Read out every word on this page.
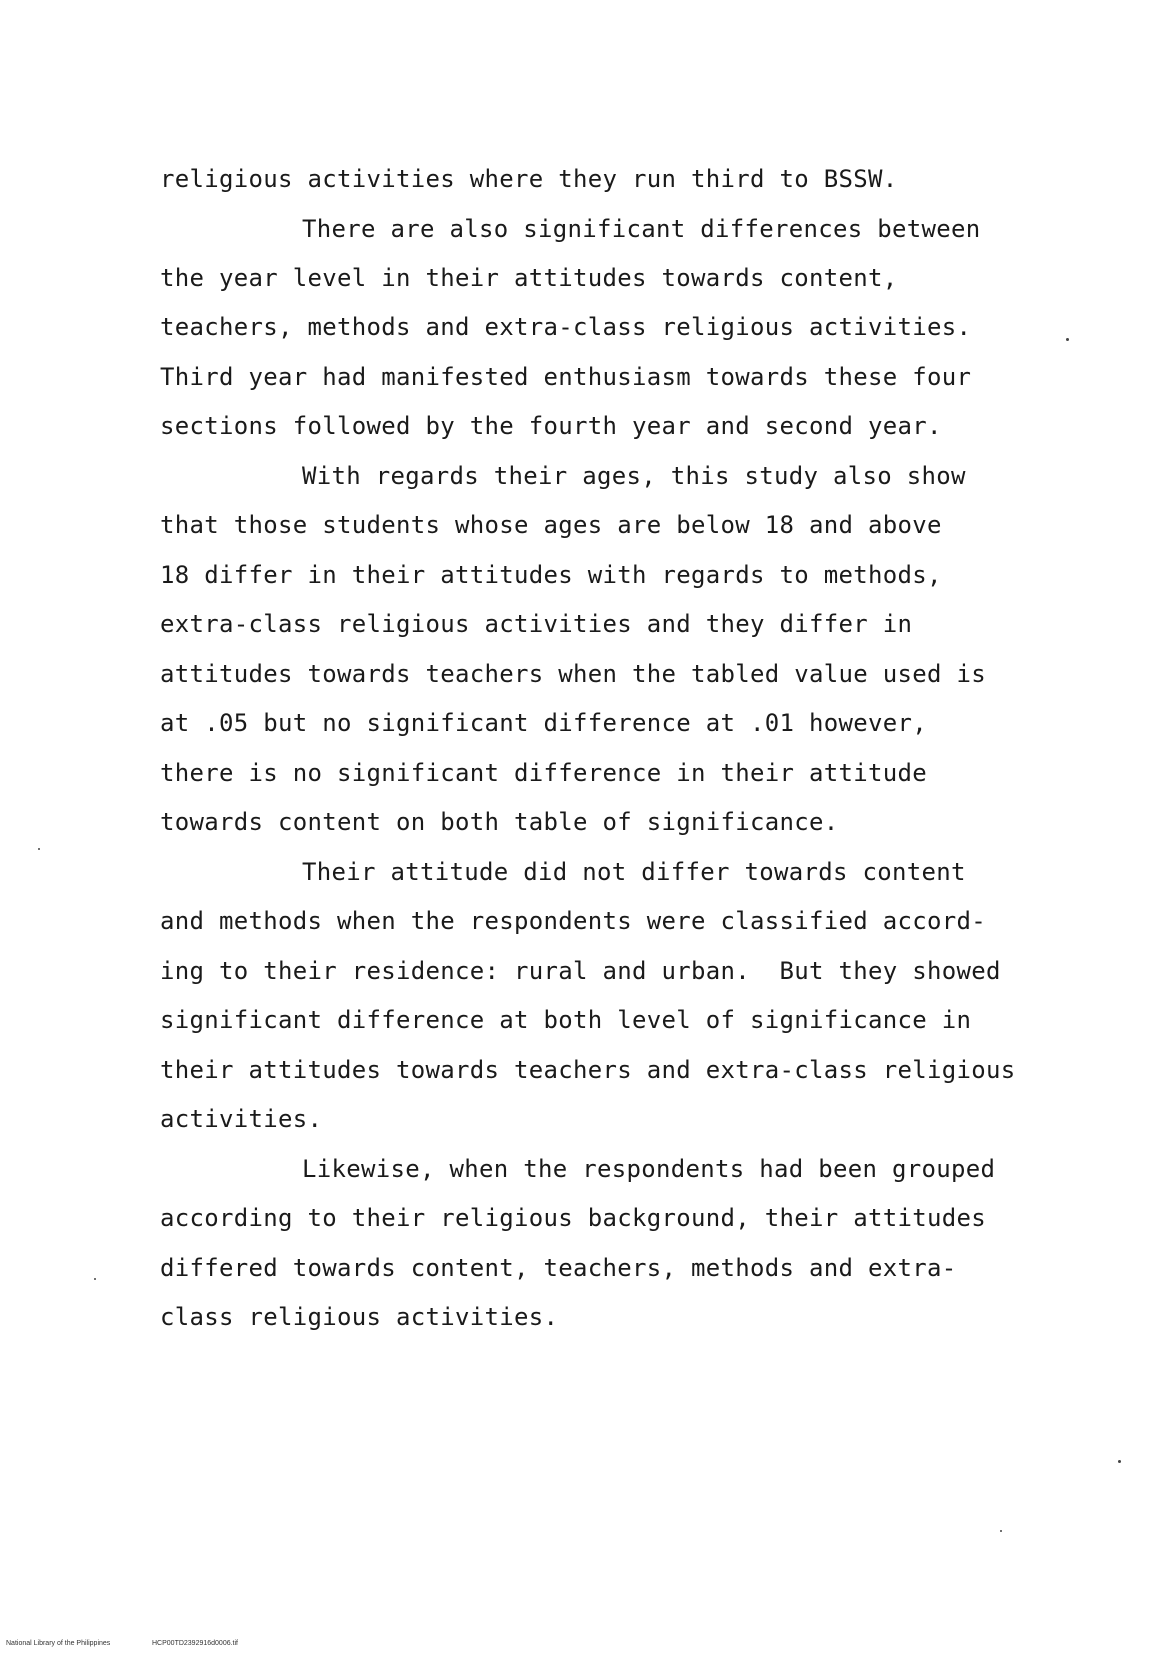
religious activities where they run third to BSSW.
There are also significant differences between
the year level in their attitudes towards content,
teachers, methods and extra-class religious activities.
Third year had manifested enthusiasm towards these four
sections followed by the fourth year and second year.
With regards their ages, this study also show
that those students whose ages are below 18 and above
18 differ in their attitudes with regards to methods,
extra-class religious activities and they differ in
attitudes towards teachers when the tabled value used is
at .05 but no significant difference at .01 however,
there is no significant difference in their attitude
towards content on both table of significance.
Their attitude did not differ towards content
and methods when the respondents were classified accord-
ing to their residence: rural and urban.  But they showed
significant difference at both level of significance in
their attitudes towards teachers and extra-class religious
activities.
Likewise, when the respondents had been grouped
according to their religious background, their attitudes
differed towards content, teachers, methods and extra-
class religious activities.
National Library of the Philippines	HCP00TD2392916d0006.tif
